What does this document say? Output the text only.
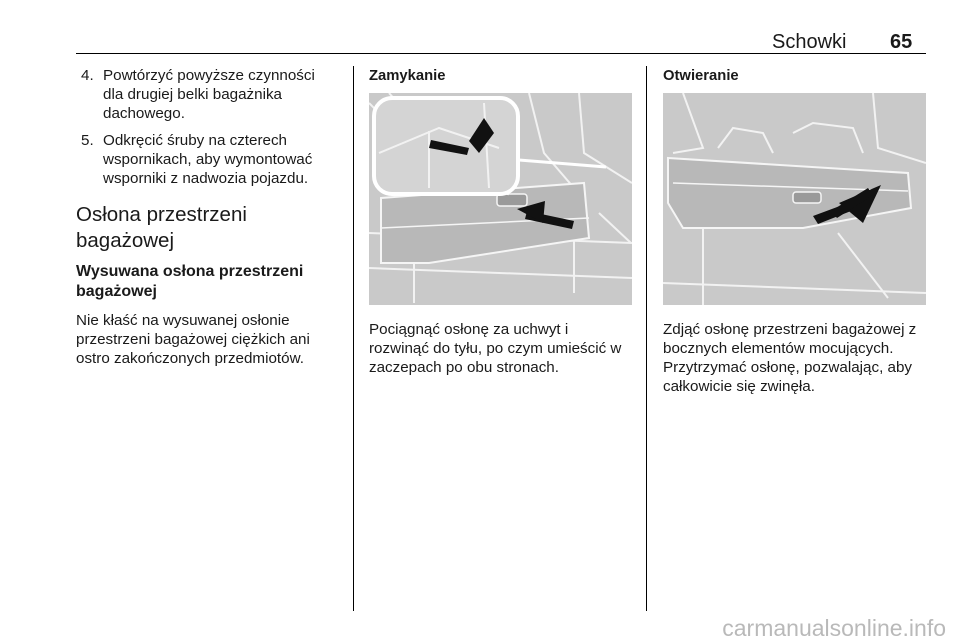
Schowki 65
4. Powtórzyć powyższe czynności dla drugiej belki bagażnika dachowego.
5. Odkręcić śruby na czterech wspornikach, aby wymontować wsporniki z nadwozia pojazdu.
Osłona przestrzeni
bagażowej
Wysuwana osłona przestrzeni
bagażowej

Nie kłaść na wysuwanej osłonie
przestrzeni bagażowej ciężkich ani
ostro zakończonych przedmiotów.

Zamykanie

Pociągnąć osłonę za uchwyt i
rozwinąć do tyłu, po czym umieścić w
zaczepach po obu stronach.

Otwieranie

Zdjąć osłonę przestrzeni bagażowej z
bocznych elementów mocujących.
Przytrzymać osłonę, pozwalając, aby
całkowicie się zwinęła.

carmanualsonline.info
